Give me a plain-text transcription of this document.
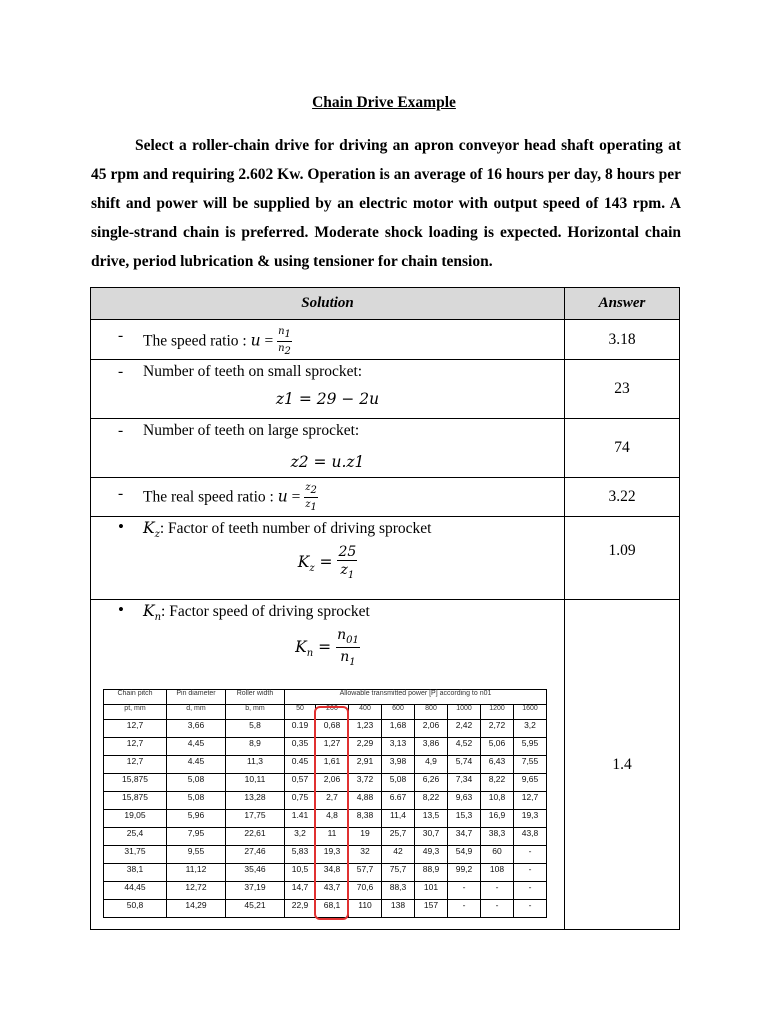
Chain Drive Example
Select a roller-chain drive for driving an apron conveyor head shaft operating at 45 rpm and requiring 2.602 Kw. Operation is an average of 16 hours per day, 8 hours per shift and power will be supplied by an electric motor with output speed of 143 rpm. A single-strand chain is preferred. Moderate shock loading is expected. Horizontal chain drive, period lubrication & using tensioner for chain tension.
Solution	Answer

- The speed ratio : $u = \frac{n_1}{n_2}$	3.18

- Number of teeth on small sprocket:
z1 = 29 − 2u
	23

- Number of teeth on large sprocket:
z2 = u.z1
	74

- The real speed ratio : $u = \frac{z_2}{z_1}$	3.22

• $K_z$: Factor of teeth number of driving sprocket
$K_z = \frac{25}{z_1}$	1.09

• $K_n$: Factor speed of driving sprocket
$K_n = \frac{n_{01}}{n_1}$
Chain pitch	Pin diameter	Roller width	Allowable transmitted power [P] according to n01
pt, mm	d, mm	b, mm	50	200	400	600	800	1000	1200	1600
12,7	3,66	5,8	0.19	0,68	1,23	1,68	2,06	2,42	2,72	3,2
12,7	4,45	8,9	0,35	1,27	2,29	3,13	3,86	4,52	5,06	5,95
12,7	4.45	11,3	0.45	1,61	2,91	3,98	4,9	5,74	6,43	7,55
15,875	5,08	10,11	0,57	2,06	3,72	5,08	6,26	7,34	8,22	9,65
15,875	5,08	13,28	0,75	2,7	4,88	6.67	8,22	9,63	10,8	12,7
19,05	5,96	17,75	1.41	4,8	8,38	11,4	13,5	15,3	16,9	19,3
25,4	7,95	22,61	3,2	11	19	25,7	30,7	34,7	38,3	43,8
31,75	9,55	27,46	5,83	19,3	32	42	49,3	54,9	60	-
38,1	11,12	35,46	10,5	34,8	57,7	75,7	88,9	99,2	108	-
44,45	12,72	37,19	14,7	43,7	70,6	88,3	101	-	-	-
50,8	14,29	45,21	22,9	68,1	110	138	157	-	-	-
	1.4
